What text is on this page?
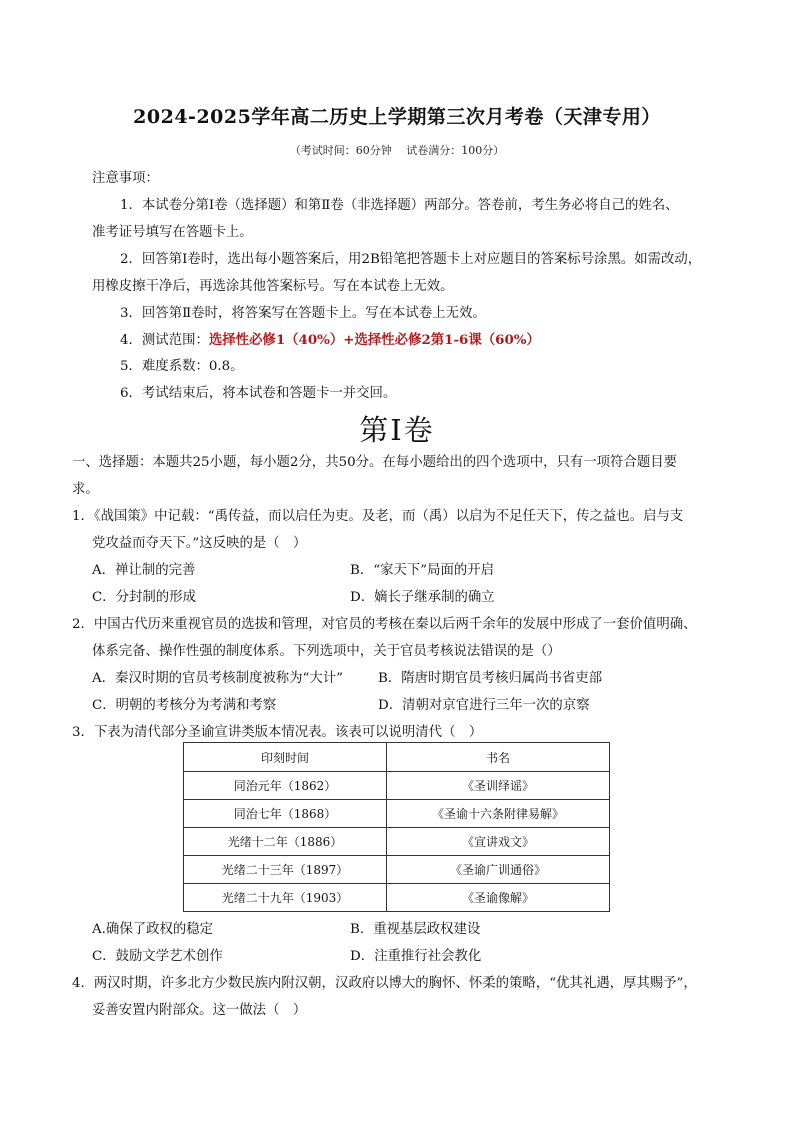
2024-2025学年高二历史上学期第三次月考卷（天津专用）
（考试时间：60分钟　 试卷满分：100分）
注意事项：
1．本试卷分第Ⅰ卷（选择题）和第Ⅱ卷（非选择题）两部分。答卷前，考生务必将自己的姓名、
准考证号填写在答题卡上。
2．回答第Ⅰ卷时，选出每小题答案后，用2B铅笔把答题卡上对应题目的答案标号涂黑。如需改动，
用橡皮擦干净后，再选涂其他答案标号。写在本试卷上无效。
3．回答第Ⅱ卷时，将答案写在答题卡上。写在本试卷上无效。
4．测试范围：选择性必修1（40%）+选择性必修2第1-6课（60%）
5．难度系数：0.8。
6．考试结束后，将本试卷和答题卡一并交回。
第Ⅰ卷
一、选择题：本题共25小题，每小题2分，共50分。在每小题给出的四个选项中，只有一项符合题目要
求。
1．《战国策》中记载：“禹传益，而以启任为吏。及老，而（禹）以启为不足任天下，传之益也。启与支
党攻益而夺天下。”这反映的是（　）
A．禅让制的完善	B．“家天下”局面的开启
C．分封制的形成	D．嫡长子继承制的确立
2．中国古代历来重视官员的选拔和管理，对官员的考核在秦以后两千余年的发展中形成了一套价值明确、
体系完备、操作性强的制度体系。下列选项中，关于官员考核说法错误的是（）
A．秦汉时期的官员考核制度被称为“大计”	B．隋唐时期官员考核归属尚书省吏部
C．明朝的考核分为考满和考察	D．清朝对京官进行三年一次的京察
3．下表为清代部分圣谕宣讲类版本情况表。该表可以说明清代（　）
印刻时间	书名
同治元年（1862）	《圣训绎谣》
同治七年（1868）	《圣谕十六条附律易解》
光绪十二年（1886）	《宣讲戏文》
光绪二十三年（1897）	《圣谕广训通俗》
光绪二十九年（1903）	《圣谕像解》
A.确保了政权的稳定	B．重视基层政权建设
C．鼓励文学艺术创作	D．注重推行社会教化
4．两汉时期，许多北方少数民族内附汉朝，汉政府以博大的胸怀、怀柔的策略，“优其礼遇，厚其赐予”，
妥善安置内附部众。这一做法（　）
